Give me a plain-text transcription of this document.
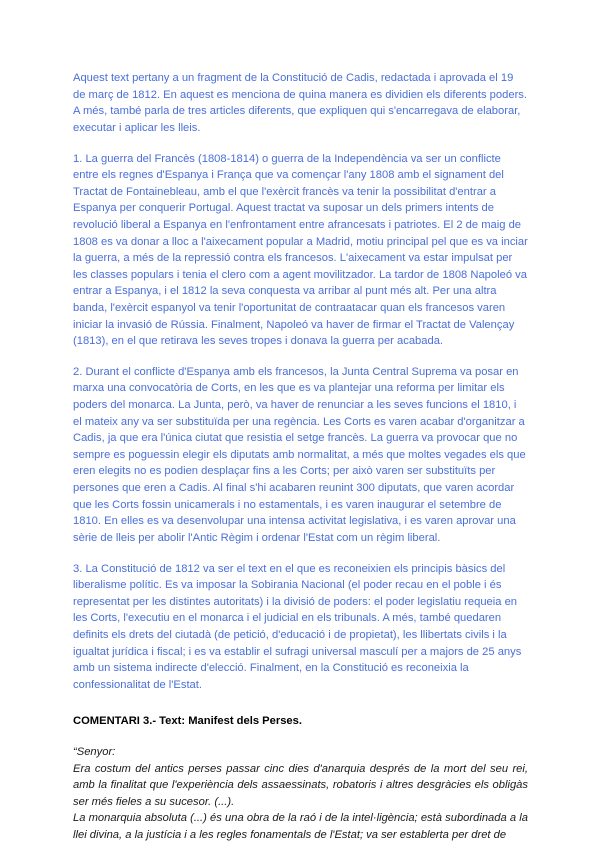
Aquest text pertany a un fragment de la Constitució de Cadis, redactada i aprovada el 19 de març de 1812. En aquest es menciona de quina manera es dividien els diferents poders. A més, també parla de tres articles diferents, que expliquen qui s'encarregava de elaborar, executar i aplicar les lleis.

1. La guerra del Francès (1808-1814) o guerra de la Independència va ser un conflicte entre els regnes d'Espanya i França que va començar l'any 1808 amb el signament del Tractat de Fontainebleau, amb el que l'exèrcit francès va tenir la possibilitat d'entrar a Espanya per conquerir Portugal. Aquest tractat va suposar un dels primers intents de revolució liberal a Espanya en l'enfrontament entre afrancesats i patriotes. El 2 de maig de 1808 es va donar a lloc a l'aixecament popular a Madrid, motiu principal pel que es va inciar la guerra, a més de la repressió contra els francesos. L'aixecament va estar impulsat per les classes populars i tenia el clero com a agent movilitzador. La tardor de 1808 Napoleó va entrar a Espanya, i el 1812 la seva conquesta va arribar al punt més alt. Per una altra banda, l'exèrcit espanyol va tenir l'oportunitat de contraatacar quan els francesos varen iniciar la invasió de Rússia. Finalment, Napoleó va haver de firmar el Tractat de Valençay (1813), en el que retirava les seves tropes i donava la guerra per acabada.

2. Durant el conflicte d'Espanya amb els francesos, la Junta Central Suprema va posar en marxa una convocatòria de Corts, en les que es va plantejar una reforma per limitar els poders del monarca. La Junta, però, va haver de renunciar a les seves funcions el 1810, i el mateix any va ser substituïda per una regència. Les Corts es varen acabar d'organitzar a Cadis, ja que era l'única ciutat que resistia el setge francès. La guerra va provocar que no sempre es poguessin elegir els diputats amb normalitat, a més que moltes vegades els que eren elegits no es podien desplaçar fins a les Corts; per això varen ser substituïts per persones que eren a Cadis. Al final s'hi acabaren reunint 300 diputats, que varen acordar que les Corts fossin unicamerals i no estamentals, i es varen inaugurar el setembre de 1810. En elles es va desenvolupar una intensa activitat legislativa, i es varen aprovar una sèrie de lleis per abolir l'Antic Règim i ordenar l'Estat com un règim liberal.

3. La Constitució de 1812 va ser el text en el que es reconeixien els principis bàsics del liberalisme polític. Es va imposar la Sobirania Nacional (el poder recau en el poble i és representat per les distintes autoritats) i la divisió de poders: el poder legislatiu requeia en les Corts, l'executiu en el monarca i el judicial en els tribunals. A més, també quedaren definits els drets del ciutadà (de petició, d'educació i de propietat), les llibertats civils i la igualtat jurídica i fiscal; i es va establir el sufragi universal masculí per a majors de 25 anys amb un sistema indirecte d'elecció. Finalment, en la Constitució es reconeixia la confessionalitat de l'Estat.

COMENTARI 3.- Text: Manifest dels Perses.
“Senyor:
Era costum del antics perses passar cinc dies d'anarquia després de la mort del seu rei, amb la finalitat que l'experiència dels assaessinats, robatoris i altres desgràcies els obligàs ser més fieles a su sucesor. (...).
La monarquia absoluta (...) és una obra de la raó i de la intel·ligència; està subordinada a la llei divina, a la justícia i a les regles fonamentals de l'Estat; va ser establerta per dret de
